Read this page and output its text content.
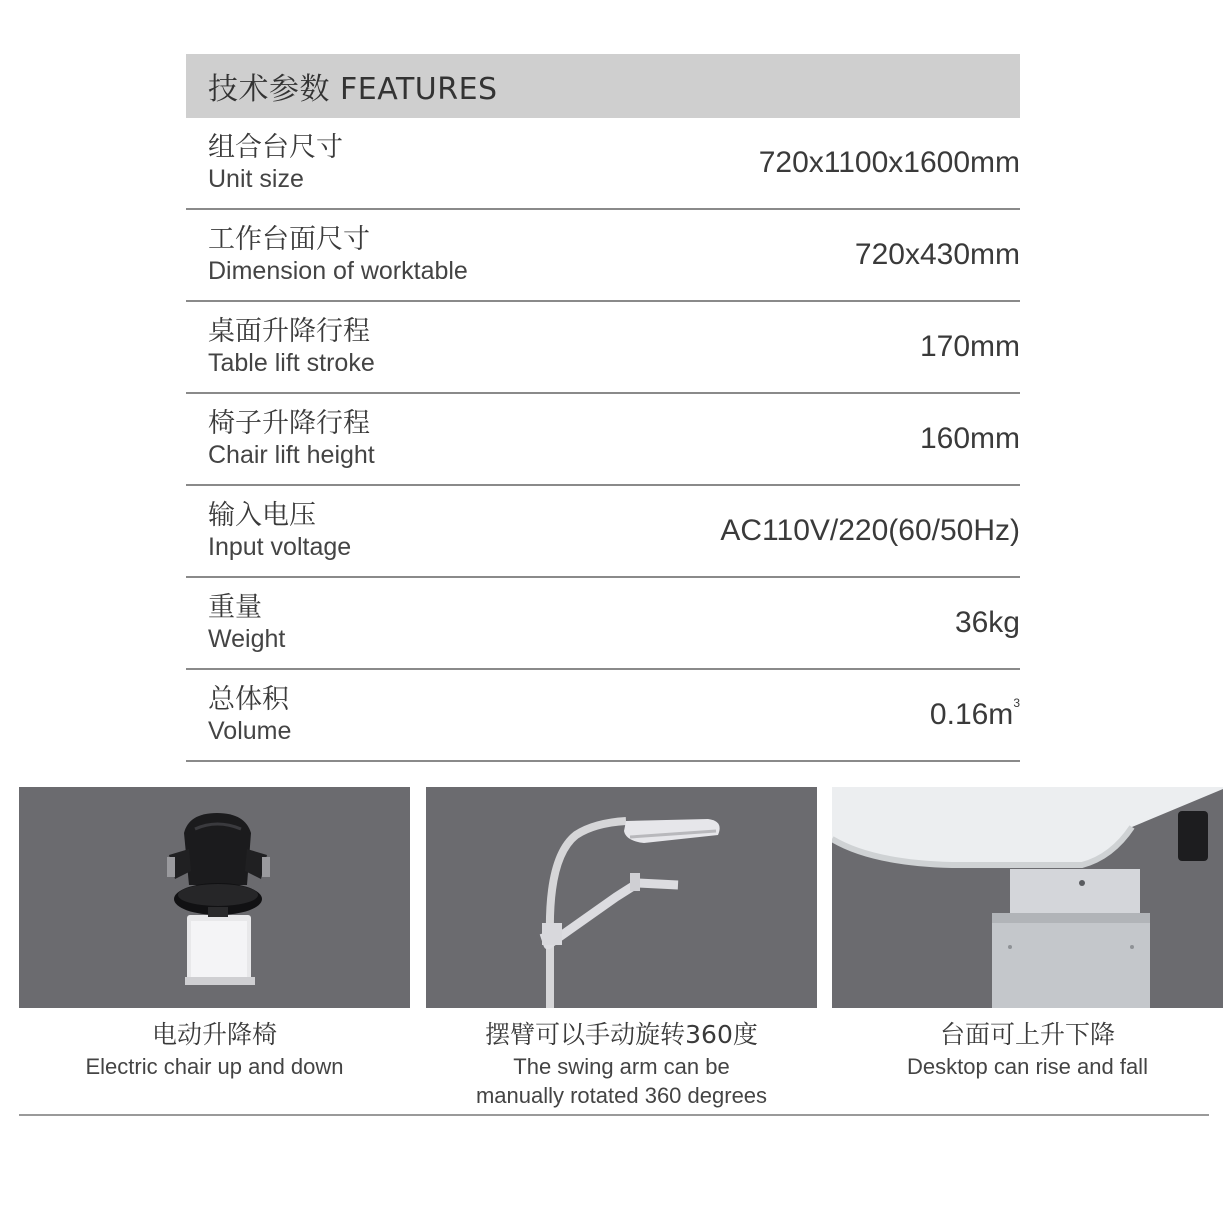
技术参数 FEATURES
组合台尺寸
Unit size	720x1100x1600mm
工作台面尺寸
Dimension of worktable	720x430mm
桌面升降行程
Table lift stroke	170mm
椅子升降行程
Chair lift height	160mm
输入电压
Input voltage	AC110V/220(60/50Hz)
重量
Weight	36kg
总体积
Volume	$0.16m^3$
电动升降椅
Electric chair up and down
摆臂可以手动旋转360度
The swing arm can be
manually rotated 360 degrees
台面可上升下降
Desktop can rise and fall
